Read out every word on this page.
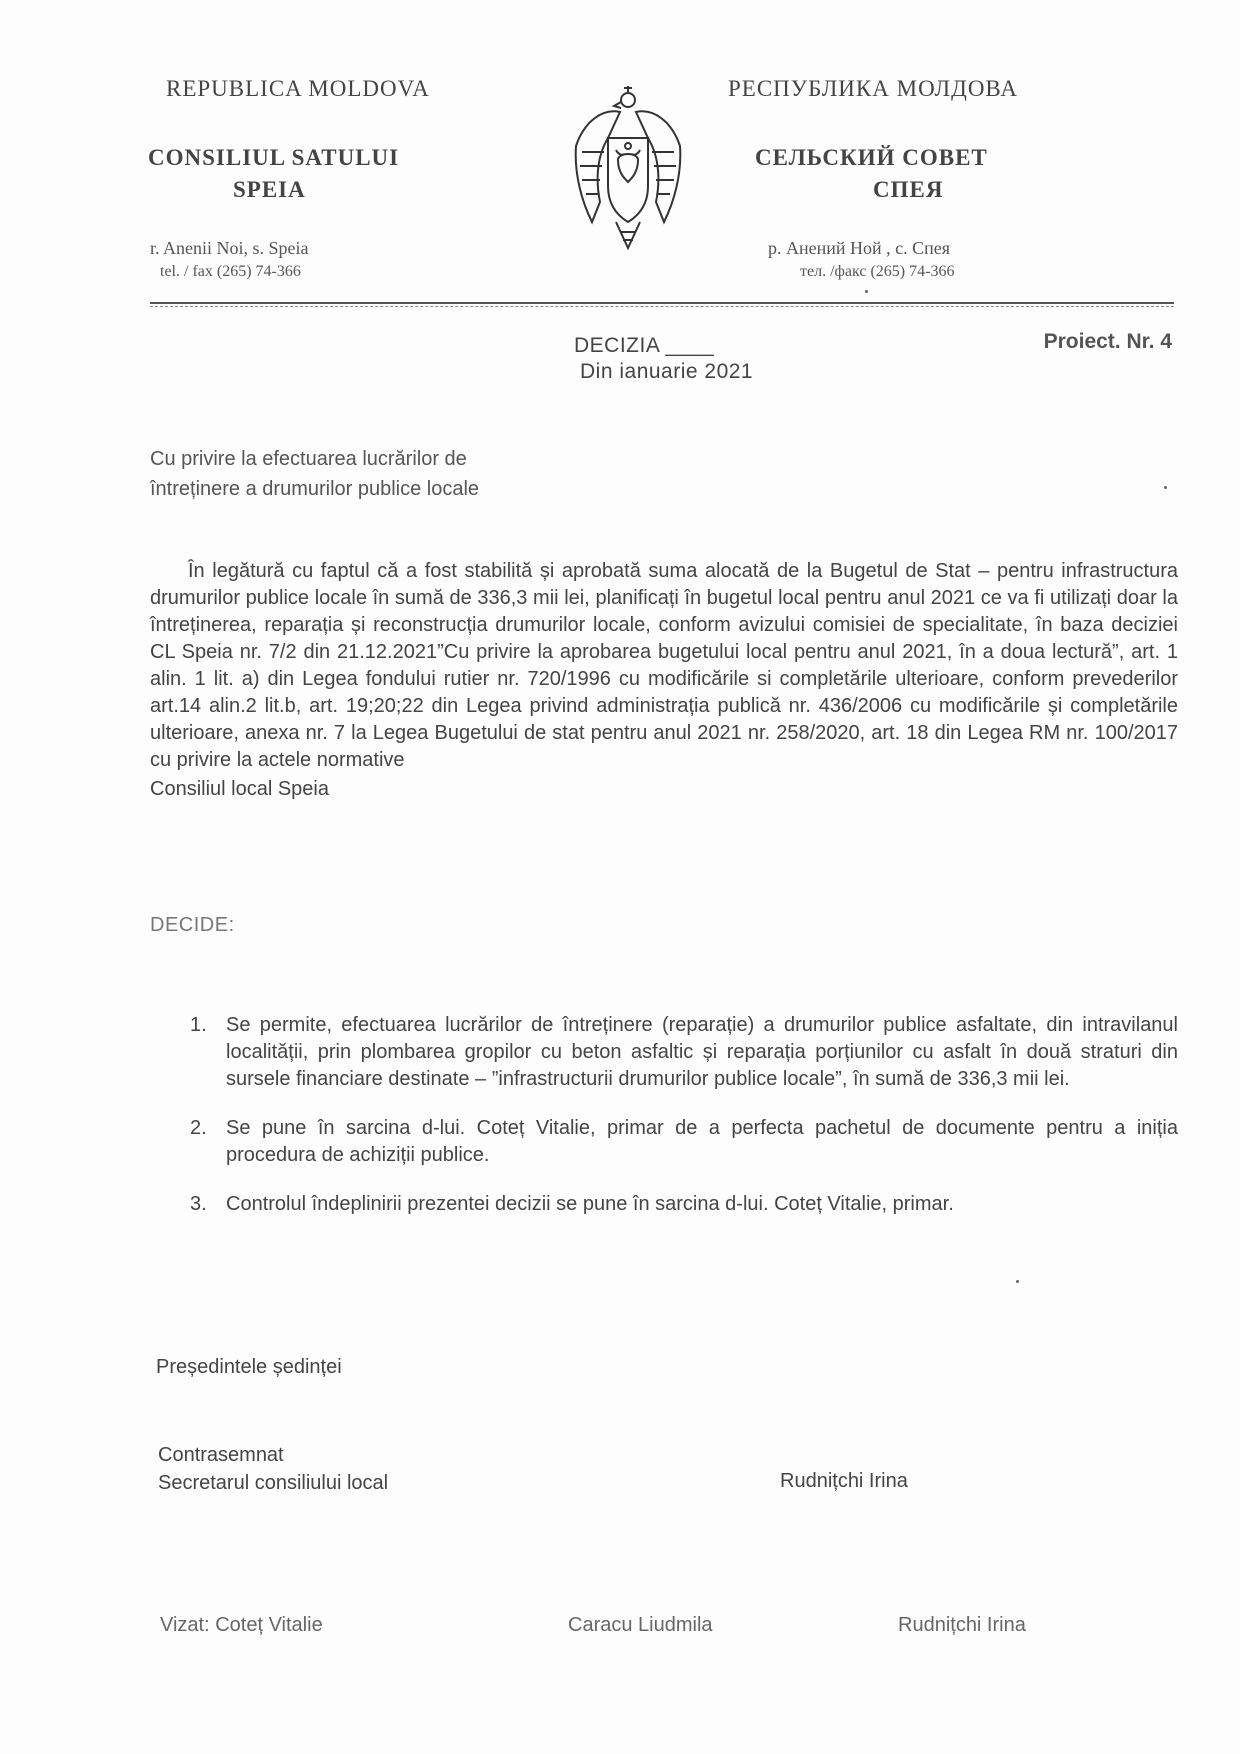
REPUBLICA MOLDOVA
CONSILIUL SATULUI
SPEIA
r. Anenii Noi, s. Speia
tel. / fax (265) 74-366
РЕСПУБЛИКА МОЛДОВА
СЕЛЬСКИЙ СОВЕТ
СПЕЯ
р. Анений Ной , с. Спея
тел. /факс (265) 74-366
DECIZIA ____
Din ianuarie 2021
Proiect. Nr. 4
Cu privire la efectuarea lucrărilor de
întreținere a drumurilor publice locale
În legătură cu faptul că a fost stabilită și aprobată suma alocată de la Bugetul de Stat – pentru infrastructura drumurilor publice locale în sumă de 336,3 mii lei, planificați în bugetul local pentru anul 2021 ce va fi utilizați doar la întreținerea, reparația și reconstrucția drumurilor locale, conform avizului comisiei de specialitate, în baza deciziei CL Speia nr. 7/2 din 21.12.2021”Cu privire la aprobarea bugetului local pentru anul 2021, în a doua lectură”, art. 1 alin. 1 lit. a) din Legea fondului rutier nr. 720/1996 cu modificările si completările ulterioare, conform prevederilor art.14 alin.2 lit.b, art. 19;20;22 din Legea privind administrația publică nr. 436/2006 cu modificările și completările ulterioare, anexa nr. 7 la Legea Bugetului de stat pentru anul 2021 nr. 258/2020, art. 18 din Legea RM nr. 100/2017 cu privire la actele normative
Consiliul local Speia
DECIDE:
1. Se permite, efectuarea lucrărilor de întreținere (reparație) a drumurilor publice asfaltate, din intravilanul localității, prin plombarea gropilor cu beton asfaltic și reparația porțiunilor cu asfalt în două straturi din sursele financiare destinate – ”infrastructurii drumurilor publice locale”, în sumă de 336,3 mii lei.
2. Se pune în sarcina d-lui. Coteț Vitalie, primar de a perfecta pachetul de documente pentru a iniția procedura de achiziții publice.
3. Controlul îndeplinirii prezentei decizii se pune în sarcina d-lui. Coteț Vitalie, primar.
Președintele ședinței
Contrasemnat
Secretarul consiliului local	Rudnițchi Irina
Vizat: Coteț Vitalie	Caracu Liudmila	Rudnițchi Irina
